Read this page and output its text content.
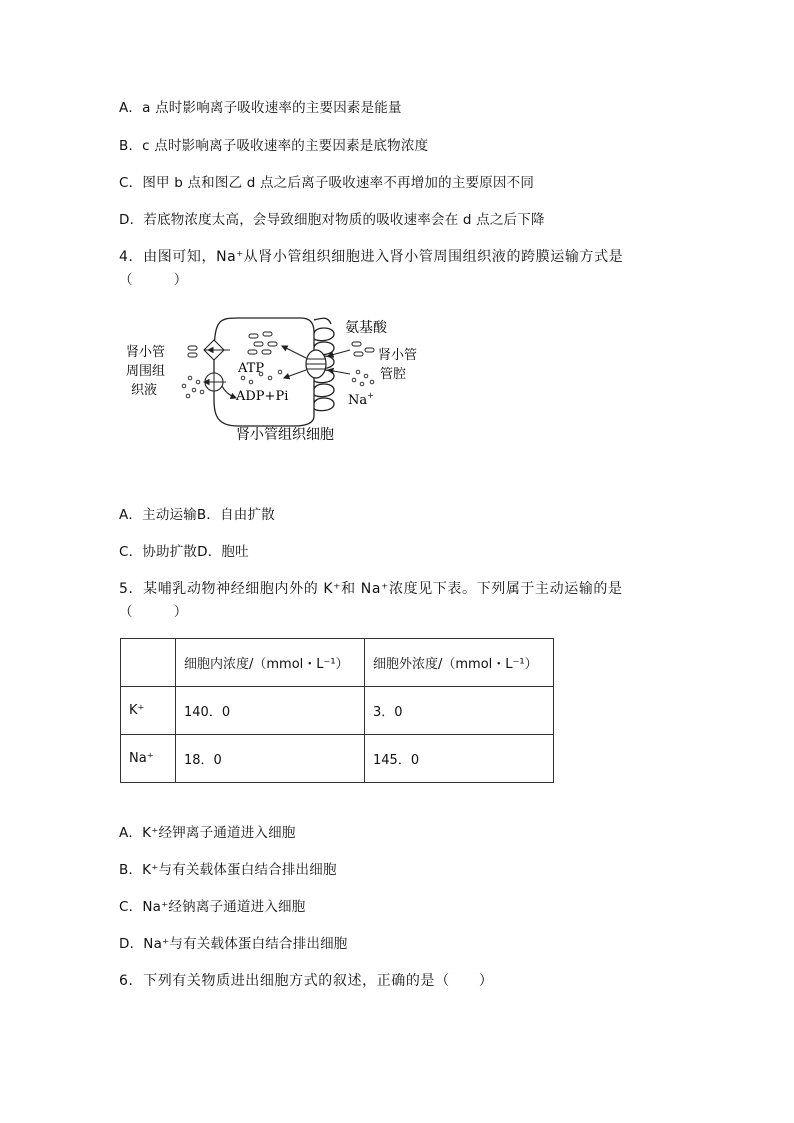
A．a 点时影响离子吸收速率的主要因素是能量
B．c 点时影响离子吸收速率的主要因素是底物浓度
C．图甲 b 点和图乙 d 点之后离子吸收速率不再增加的主要原因不同
D．若底物浓度太高，会导致细胞对物质的吸收速率会在 d 点之后下降
4．由图可知，Na+从肾小管组织细胞进入肾小管周围组织液的跨膜运输方式是
（　　　）
氨基酸
肾小管
管腔
肾小管
周围组
织液
ATP
ADP+Pi	Na+
肾小管组织细胞
A．主动运输B．自由扩散
C．协助扩散D．胞吐
5．某哺乳动物神经细胞内外的 K⁺和 Na⁺浓度见下表。下列属于主动运输的是
（　　　）
	细胞内浓度/（mmol・L⁻¹）	细胞外浓度/（mmol・L⁻¹）
K⁺	140．0	3．0
Na⁺	18．0	145．0
A．K⁺经钾离子通道进入细胞
B．K⁺与有关载体蛋白结合排出细胞
C．Na⁺经钠离子通道进入细胞
D．Na⁺与有关载体蛋白结合排出细胞
6．下列有关物质进出细胞方式的叙述，正确的是（　　）
